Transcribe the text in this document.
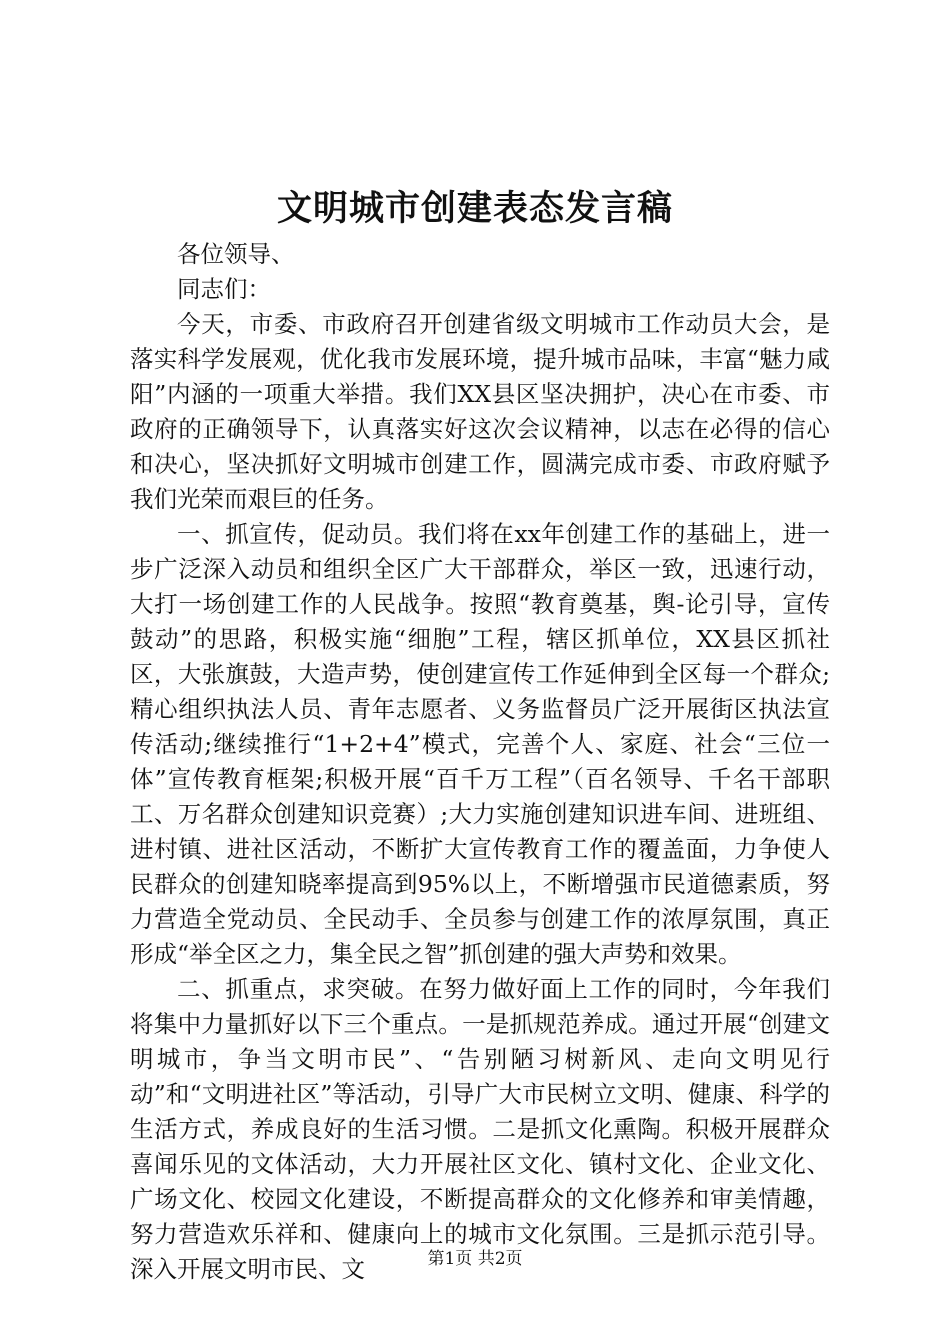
文明城市创建表态发言稿

各位领导、

同志们：

今天，市委、市政府召开创建省级文明城市工作动员大会，是落实科学发展观，优化我市发展环境，提升城市品味，丰富“魅力咸阳”内涵的一项重大举措。我们XX县区坚决拥护，决心在市委、市政府的正确领导下，认真落实好这次会议精神，以志在必得的信心和决心，坚决抓好文明城市创建工作，圆满完成市委、市政府赋予我们光荣而艰巨的任务。

一、抓宣传，促动员。我们将在xx年创建工作的基础上，进一步广泛深入动员和组织全区广大干部群众，举区一致，迅速行动，大打一场创建工作的人民战争。按照“教育奠基，舆-论引导，宣传鼓动”的思路，积极实施“细胞”工程，辖区抓单位，XX县区抓社区，大张旗鼓，大造声势，使创建宣传工作延伸到全区每一个群众;精心组织执法人员、青年志愿者、义务监督员广泛开展街区执法宣传活动;继续推行“1+2+4”模式，完善个人、家庭、社会“三位一体”宣传教育框架;积极开展“百千万工程”（百名领导、千名干部职工、万名群众创建知识竞赛）;大力实施创建知识进车间、进班组、进村镇、进社区活动，不断扩大宣传教育工作的覆盖面，力争使人民群众的创建知晓率提高到95%以上，不断增强市民道德素质，努力营造全党动员、全民动手、全员参与创建工作的浓厚氛围，真正形成“举全区之力，集全民之智”抓创建的强大声势和效果。

二、抓重点，求突破。在努力做好面上工作的同时，今年我们将集中力量抓好以下三个重点。一是抓规范养成。通过开展“创建文明城市，争当文明市民”、“告别陋习树新风、走向文明见行动”和“文明进社区”等活动，引导广大市民树立文明、健康、科学的生活方式，养成良好的生活习惯。二是抓文化熏陶。积极开展群众喜闻乐见的文体活动，大力开展社区文化、镇村文化、企业文化、广场文化、校园文化建设，不断提高群众的文化修养和审美情趣，努力营造欢乐祥和、健康向上的城市文化氛围。三是抓示范引导。深入开展文明市民、文	第1页 共2页
